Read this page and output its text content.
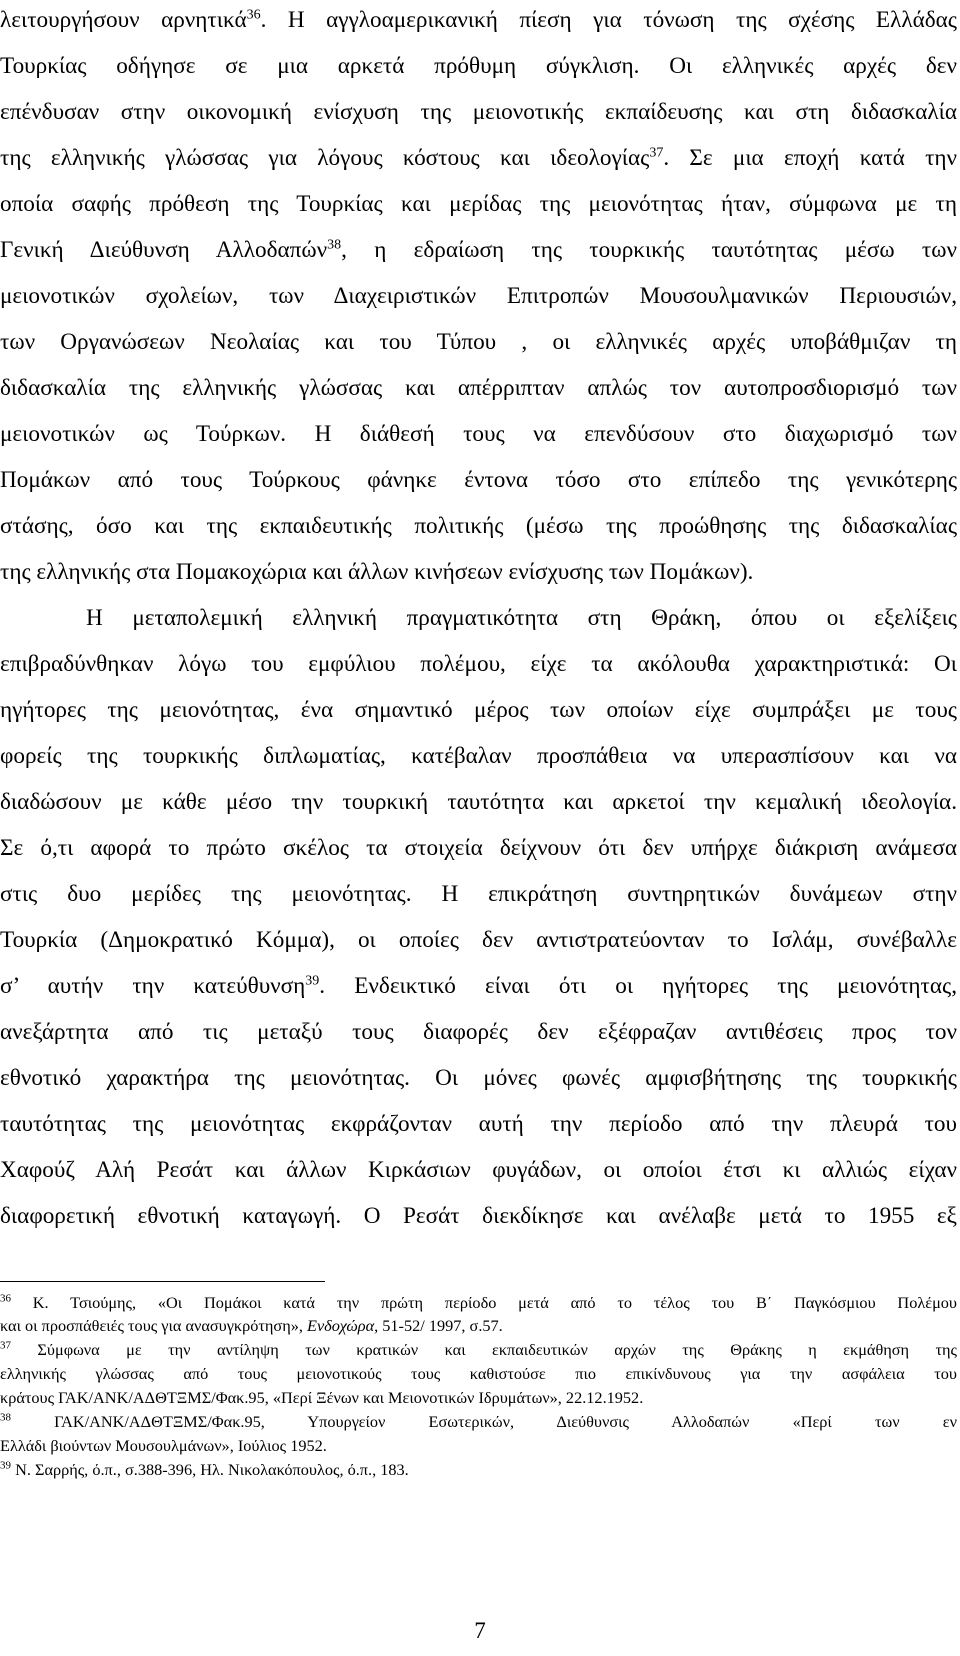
λειτουργήσουν αρνητικά$^{36}$. Η αγγλοαμερικανική πίεση για τόνωση της σχέσης Ελλάδας
Τουρκίας οδήγησε σε μια αρκετά πρόθυμη σύγκλιση. Οι ελληνικές αρχές δεν
επένδυσαν στην οικονομική ενίσχυση της μειονοτικής εκπαίδευσης και στη διδασκαλία
της ελληνικής γλώσσας για λόγους κόστους και ιδεολογίας$^{37}$. Σε μια εποχή κατά την
οποία σαφής πρόθεση της Τουρκίας και μερίδας της μειονότητας ήταν, σύμφωνα με τη
Γενική Διεύθυνση Αλλοδαπών$^{38}$, η εδραίωση της τουρκικής ταυτότητας μέσω των
μειονοτικών σχολείων, των Διαχειριστικών Επιτροπών Μουσουλμανικών Περιουσιών,
των Οργανώσεων Νεολαίας και του Τύπου , οι ελληνικές αρχές υποβάθμιζαν τη
διδασκαλία της ελληνικής γλώσσας και απέρριπταν απλώς τον αυτοπροσδιορισμό των
μειονοτικών ως Τούρκων. Η διάθεσή τους να επενδύσουν στο διαχωρισμό των
Πομάκων από τους Τούρκους φάνηκε έντονα τόσο στο επίπεδο της γενικότερης
στάσης, όσο και της εκπαιδευτικής πολιτικής (μέσω της προώθησης της διδασκαλίας
της ελληνικής στα Πομακοχώρια και άλλων κινήσεων ενίσχυσης των Πομάκων).
Η μεταπολεμική ελληνική πραγματικότητα στη Θράκη, όπου οι εξελίξεις
επιβραδύνθηκαν λόγω του εμφύλιου πολέμου, είχε τα ακόλουθα χαρακτηριστικά: Οι
ηγήτορες της μειονότητας, ένα σημαντικό μέρος των οποίων είχε συμπράξει με τους
φορείς της τουρκικής διπλωματίας, κατέβαλαν προσπάθεια να υπερασπίσουν και να
διαδώσουν με κάθε μέσο την τουρκική ταυτότητα και αρκετοί την κεμαλική ιδεολογία.
Σε ό,τι αφορά το πρώτο σκέλος τα στοιχεία δείχνουν ότι δεν υπήρχε διάκριση ανάμεσα
στις δυο μερίδες της μειονότητας. Η επικράτηση συντηρητικών δυνάμεων στην
Τουρκία (Δημοκρατικό Κόμμα), οι οποίες δεν αντιστρατεύονταν το Ισλάμ, συνέβαλλε
σ’ αυτήν την κατεύθυνση$^{39}$. Ενδεικτικό είναι ότι οι ηγήτορες της μειονότητας,
ανεξάρτητα από τις μεταξύ τους διαφορές δεν εξέφραζαν αντιθέσεις προς τον
εθνοτικό χαρακτήρα της μειονότητας. Οι μόνες φωνές αμφισβήτησης της τουρκικής
ταυτότητας της μειονότητας εκφράζονταν αυτή την περίοδο από την πλευρά του
Χαφούζ Αλή Ρεσάτ και άλλων Κιρκάσιων φυγάδων, οι οποίοι έτσι κι αλλιώς είχαν
διαφορετική εθνοτική καταγωγή. Ο Ρεσάτ διεκδίκησε και ανέλαβε μετά το 1955 εξ
$^{36}$ Κ. Τσιούμης, «Οι Πομάκοι κατά την πρώτη περίοδο μετά από το τέλος του Β΄ Παγκόσμιου Πολέμου
και οι προσπάθειές τους για ανασυγκρότηση», Ενδοχώρα, 51-52/ 1997, σ.57.
$^{37}$ Σύμφωνα με την αντίληψη των κρατικών και εκπαιδευτικών αρχών της Θράκης η εκμάθηση της
ελληνικής γλώσσας από τους μειονοτικούς τους καθιστούσε πιο επικίνδυνους για την ασφάλεια του
κράτους ΓΑΚ/ΑΝΚ/ΑΔΘΤΞΜΣ/Φακ.95, «Περί Ξένων και Μειονοτικών Ιδρυμάτων», 22.12.1952.
$^{38}$ ΓΑΚ/ΑΝΚ/ΑΔΘΤΞΜΣ/Φακ.95, Υπουργείον Εσωτερικών, Διεύθυνσις Αλλοδαπών «Περί των εν
Ελλάδι βιούντων Μουσουλμάνων», Ιούλιος 1952.
$^{39}$ Ν. Σαρρής, ό.π., σ.388-396, Ηλ. Νικολακόπουλος, ό.π., 183.
7
